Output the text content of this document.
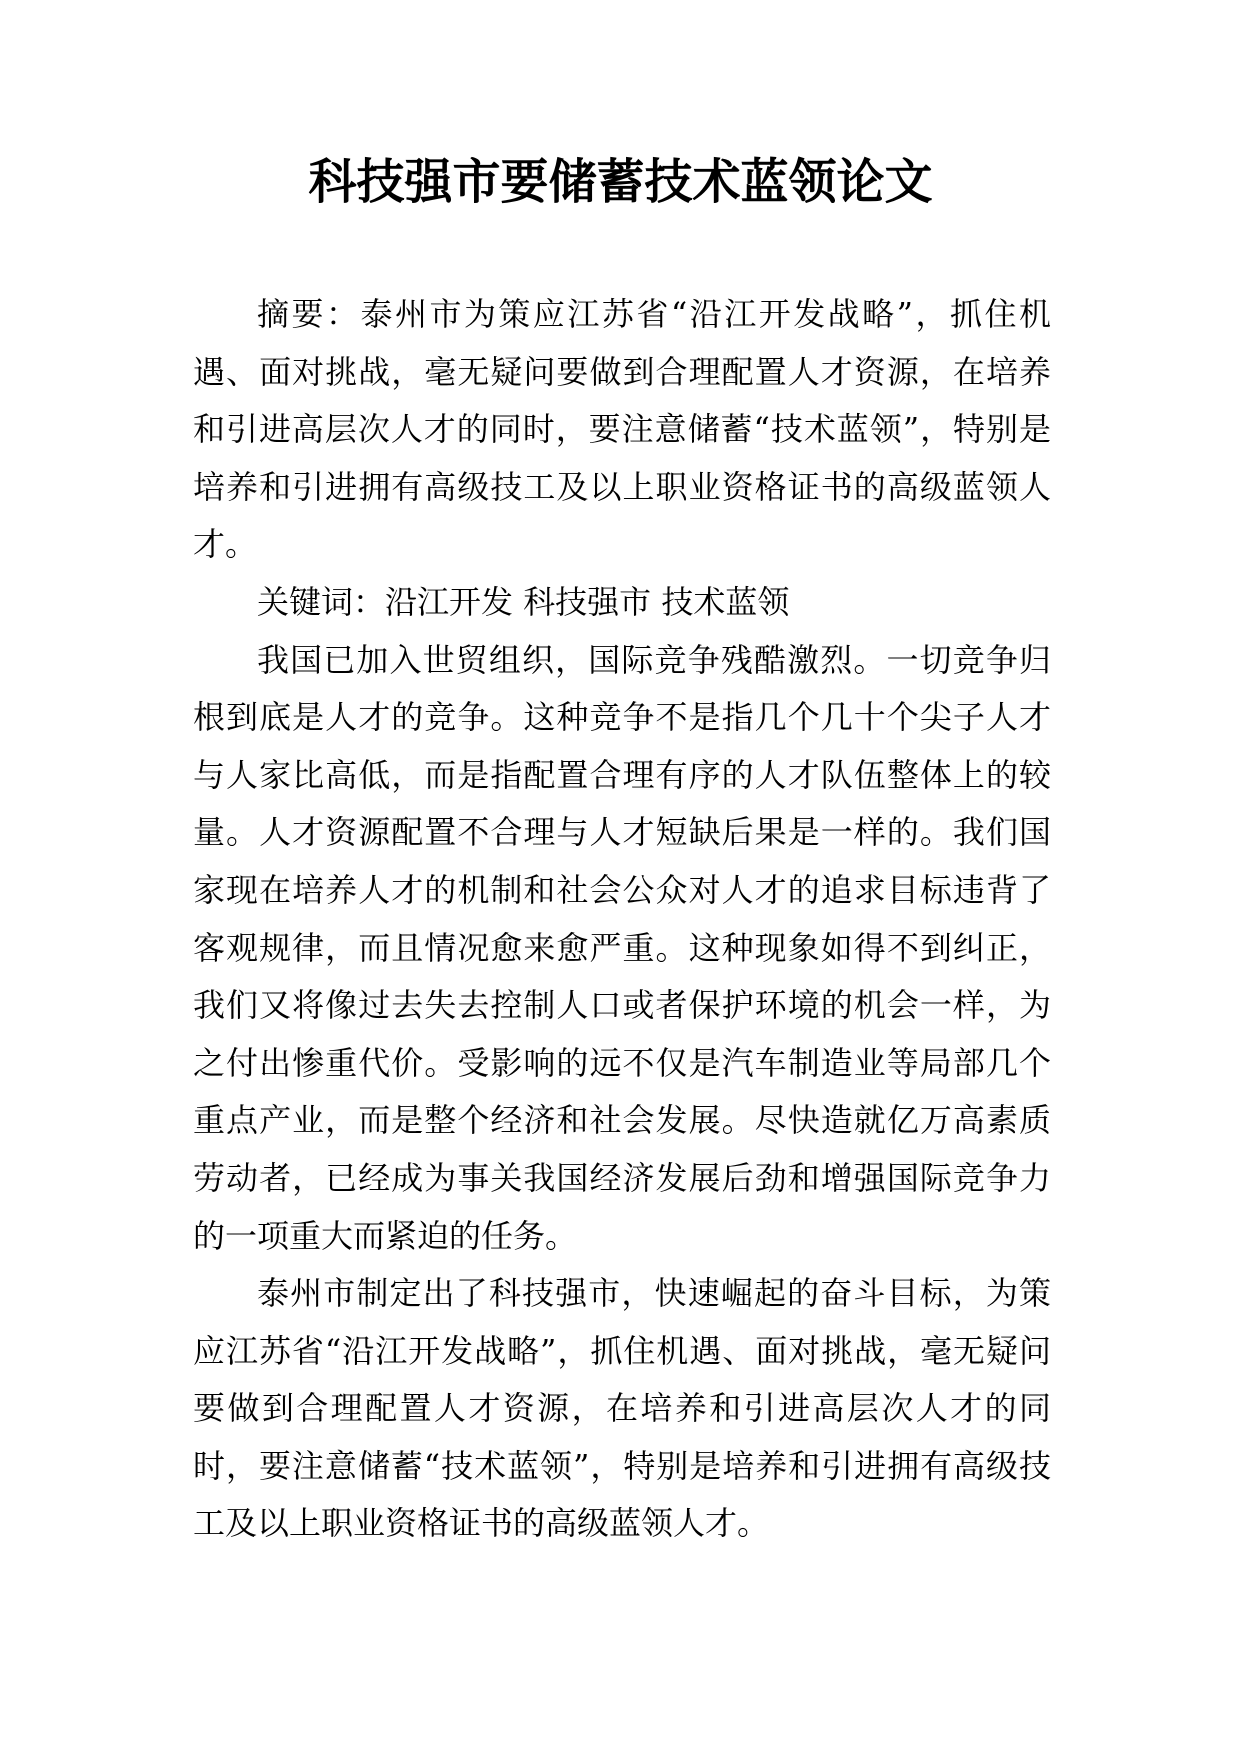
科技强市要储蓄技术蓝领论文

摘要：泰州市为策应江苏省“沿江开发战略”，抓住机遇、面对挑战，毫无疑问要做到合理配置人才资源，在培养和引进高层次人才的同时，要注意储蓄“技术蓝领”，特别是培养和引进拥有高级技工及以上职业资格证书的高级蓝领人才。

关键词：沿江开发 科技强市 技术蓝领

我国已加入世贸组织，国际竞争残酷激烈。一切竞争归根到底是人才的竞争。这种竞争不是指几个几十个尖子人才与人家比高低，而是指配置合理有序的人才队伍整体上的较量。人才资源配置不合理与人才短缺后果是一样的。我们国家现在培养人才的机制和社会公众对人才的追求目标违背了客观规律，而且情况愈来愈严重。这种现象如得不到纠正，我们又将像过去失去控制人口或者保护环境的机会一样，为之付出惨重代价。受影响的远不仅是汽车制造业等局部几个重点产业，而是整个经济和社会发展。尽快造就亿万高素质劳动者，已经成为事关我国经济发展后劲和增强国际竞争力的一项重大而紧迫的任务。

泰州市制定出了科技强市，快速崛起的奋斗目标，为策应江苏省“沿江开发战略”，抓住机遇、面对挑战，毫无疑问要做到合理配置人才资源，在培养和引进高层次人才的同时，要注意储蓄“技术蓝领”，特别是培养和引进拥有高级技工及以上职业资格证书的高级蓝领人才。
